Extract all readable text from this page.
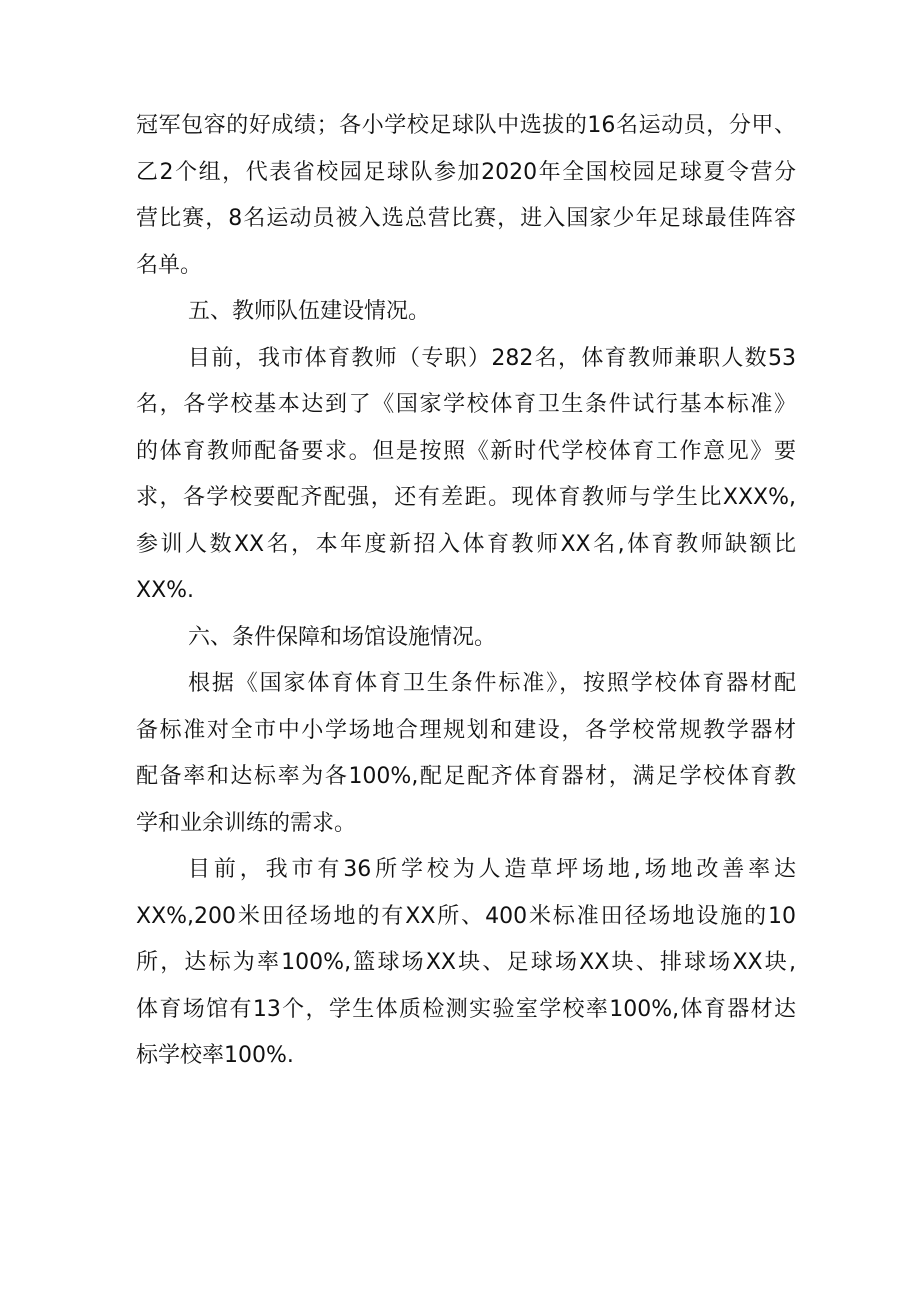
冠军包容的好成绩；各小学校足球队中选拔的16名运动员，分甲、
乙2个组，代表省校园足球队参加2020年全国校园足球夏令营分
营比赛，8名运动员被入选总营比赛，进入国家少年足球最佳阵容
名单。
五、教师队伍建设情况。
目前，我市体育教师（专职）282名，体育教师兼职人数53
名，各学校基本达到了《国家学校体育卫生条件试行基本标准》
的体育教师配备要求。但是按照《新时代学校体育工作意见》要
求，各学校要配齐配强，还有差距。现体育教师与学生比XXX%,
参训人数XX名，本年度新招入体育教师XX名,体育教师缺额比
XX%.
六、条件保障和场馆设施情况。
根据《国家体育体育卫生条件标准》，按照学校体育器材配
备标准对全市中小学场地合理规划和建设，各学校常规教学器材
配备率和达标率为各100%,配足配齐体育器材，满足学校体育教
学和业余训练的需求。
目前，我市有36所学校为人造草坪场地,场地改善率达
XX%,200米田径场地的有XX所、400米标准田径场地设施的10
所，达标为率100%,篮球场XX块、足球场XX块、排球场XX块,
体育场馆有13个，学生体质检测实验室学校率100%,体育器材达
标学校率100%.
